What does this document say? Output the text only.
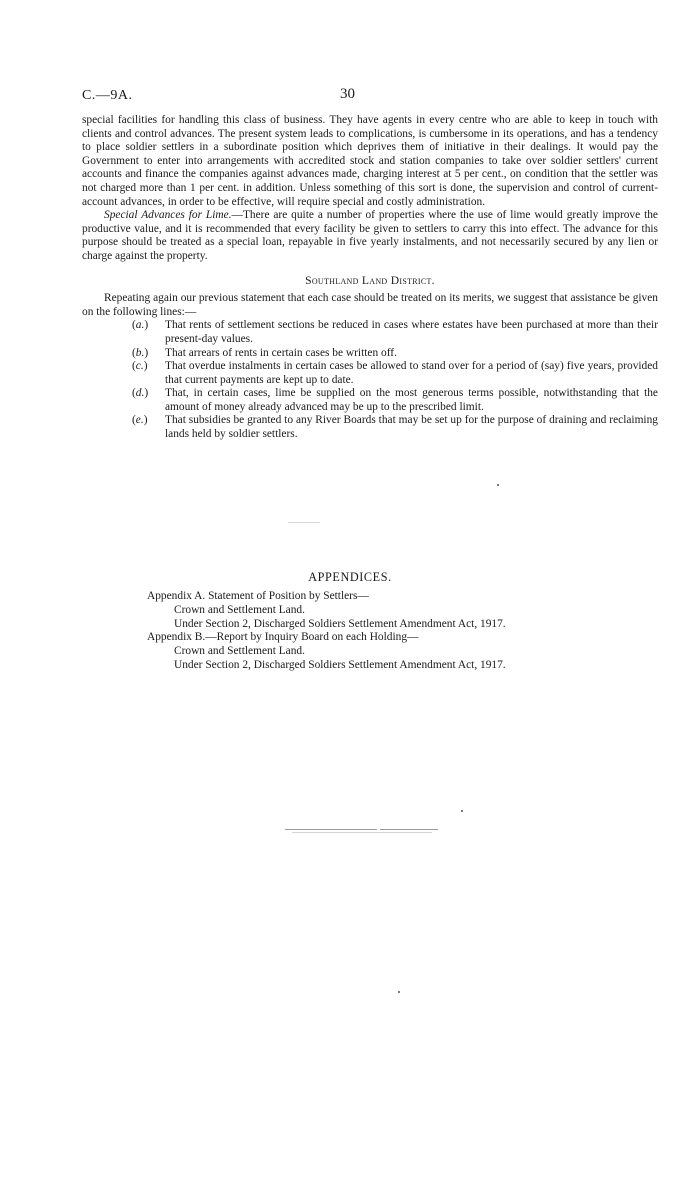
C.—9A.	30

special facilities for handling this class of business. They have agents in every centre who are able to keep in touch with clients and control advances. The present system leads to complications, is cumbersome in its operations, and has a tendency to place soldier settlers in a subordinate position which deprives them of initiative in their dealings. It would pay the Government to enter into arrangements with accredited stock and station companies to take over soldier settlers' current accounts and finance the companies against advances made, charging interest at 5 per cent., on condition that the settler was not charged more than 1 per cent. in addition. Unless something of this sort is done, the supervision and control of current-account advances, in order to be effective, will require special and costly administration.

Special Advances for Lime.—There are quite a number of properties where the use of lime would greatly improve the productive value, and it is recommended that every facility be given to settlers to carry this into effect. The advance for this purpose should be treated as a special loan, repayable in five yearly instalments, and not necessarily secured by any lien or charge against the property.

Southland Land District.

Repeating again our previous statement that each case should be treated on its merits, we suggest that assistance be given on the following lines:—

(a.) That rents of settlement sections be reduced in cases where estates have been purchased at more than their present-day values.
(b.) That arrears of rents in certain cases be written off.
(c.) That overdue instalments in certain cases be allowed to stand over for a period of (say) five years, provided that current payments are kept up to date.
(d.) That, in certain cases, lime be supplied on the most generous terms possible, notwithstanding that the amount of money already advanced may be up to the prescribed limit.
(e.) That subsidies be granted to any River Boards that may be set up for the purpose of draining and reclaiming lands held by soldier settlers.
APPENDICES.
Appendix A. Statement of Position by Settlers—
Crown and Settlement Land.
Under Section 2, Discharged Soldiers Settlement Amendment Act, 1917.
Appendix B.—Report by Inquiry Board on each Holding—
Crown and Settlement Land.
Under Section 2, Discharged Soldiers Settlement Amendment Act, 1917.
